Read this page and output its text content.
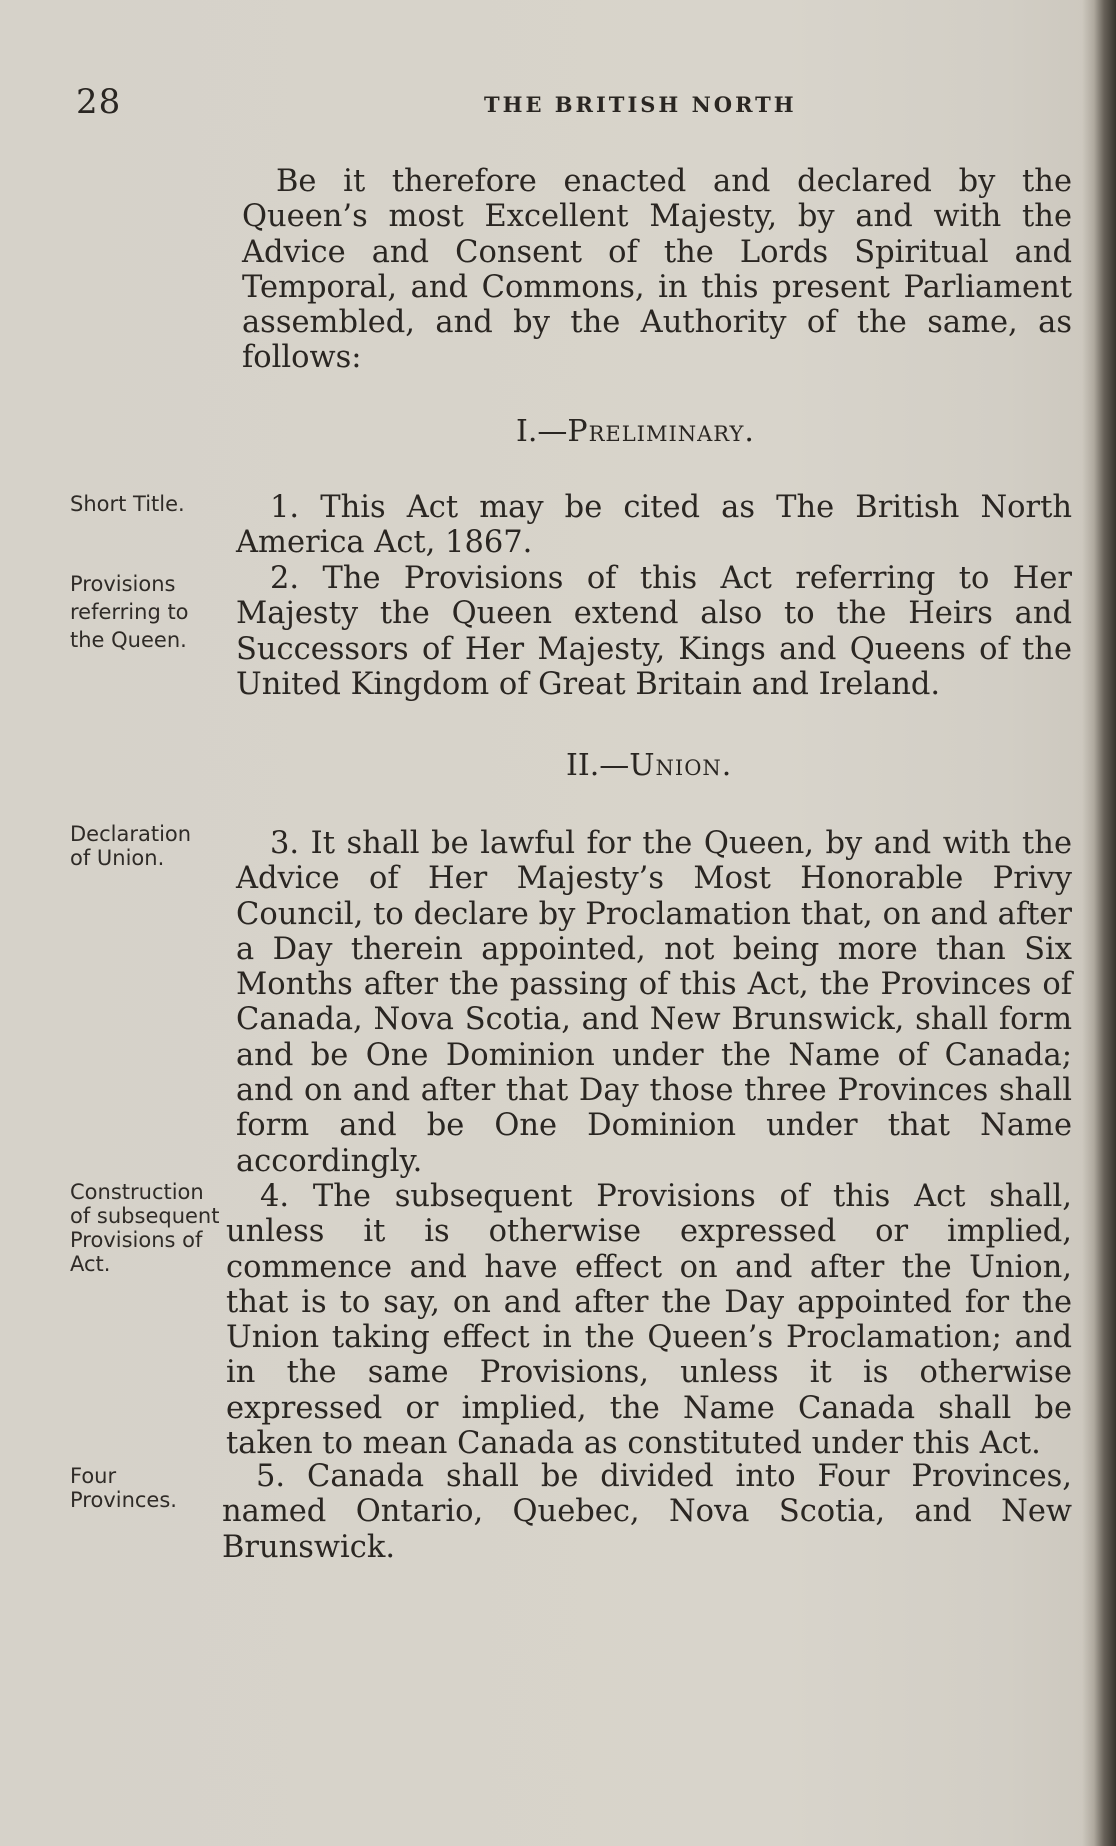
28	THE BRITISH NORTH
Be it therefore enacted and declared by the Queen’s most Excellent Majesty, by and with the Advice and Consent of the Lords Spiritual and Temporal, and Commons, in this present Parliament assembled, and by the Authority of the same, as follows:
I.—Preliminary.
Short Title.	1. This Act may be cited as The British North America Act, 1867.
Provisions referring to the Queen.
2. The Provisions of this Act referring to Her Majesty the Queen extend also to the Heirs and Successors of Her Majesty, Kings and Queens of the United Kingdom of Great Britain and Ireland.
II.—Union.
Declaration of Union.	3. It shall be lawful for the Queen, by and with the Advice of Her Majesty’s Most Honorable Privy Council, to declare by Proclamation that, on and after a Day therein appointed, not being more than Six Months after the passing of this Act, the Provinces of Canada, Nova Scotia, and New Brunswick, shall form and be One Dominion under the Name of Canada; and on and after that Day those three Provinces shall form and be One Dominion under that Name accordingly.
Construction of subsequent Provisions of Act.
4. The subsequent Provisions of this Act shall, unless it is otherwise expressed or implied, commence and have effect on and after the Union, that is to say, on and after the Day appointed for the Union taking effect in the Queen’s Proclamation; and in the same Provisions, unless it is otherwise expressed or implied, the Name Canada shall be taken to mean Canada as constituted under this Act.
Four Provinces.
5. Canada shall be divided into Four Provinces, named Ontario, Quebec, Nova Scotia, and New Brunswick.
